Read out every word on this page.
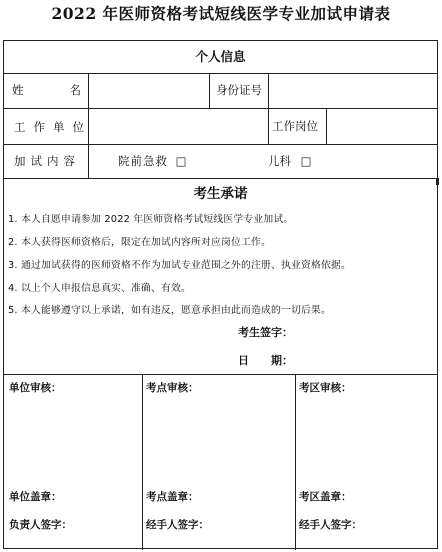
2022 年医师资格考试短线医学专业加试申请表
个人信息
姓名	身份证号
工作单位	工作岗位
加试内容	院前急救 □	儿科 □
考生承诺
1. 本人自愿申请参加 2022 年医师资格考试短线医学专业加试。
2. 本人获得医师资格后，限定在加试内容所对应岗位工作。
3. 通过加试获得的医师资格不作为加试专业范围之外的注册、执业资格依据。
4. 以上个人申报信息真实、准确、有效。
5. 本人能够遵守以上承诺，如有违反，愿意承担由此而造成的一切后果。
考生签字：
日　　期：
单位审核：
单位盖章：
负责人签字：
考点审核：
考点盖章：
经手人签字：
考区审核：
考区盖章：
经手人签字：
